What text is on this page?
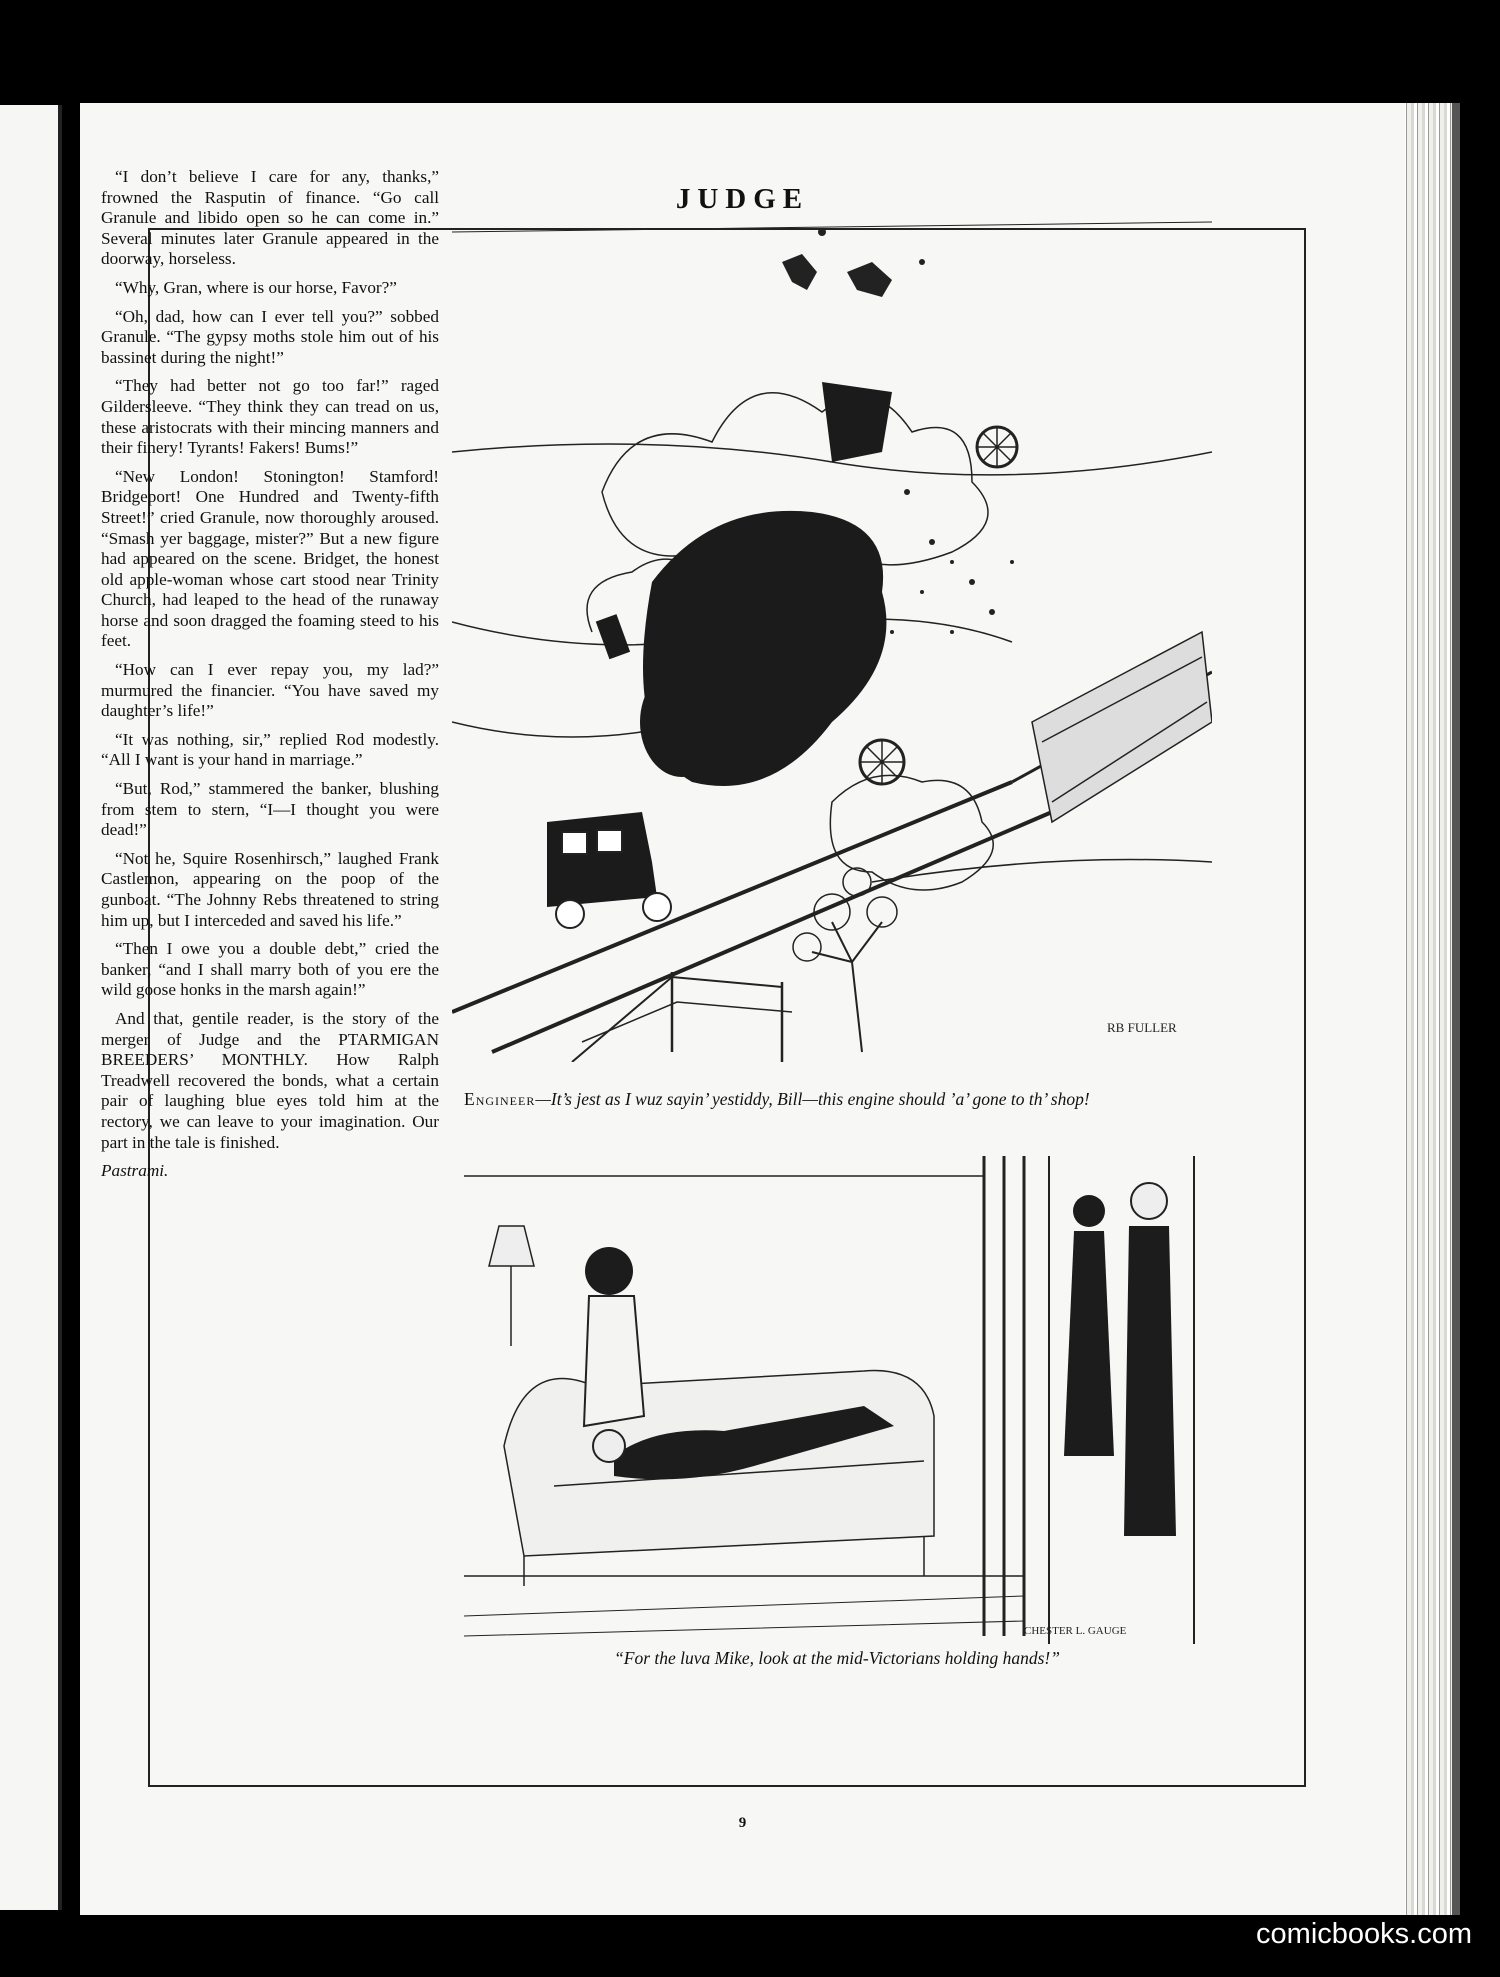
JUDGE
9

“I don’t believe I care for any, thanks,” frowned the Rasputin of finance. “Go call Granule and libido open so he can come in.” Several minutes later Granule appeared in the doorway, horseless.

“Why, Gran, where is our horse, Favor?”

“Oh, dad, how can I ever tell you?” sobbed Granule. “The gypsy moths stole him out of his bassinet during the night!”

“They had better not go too far!” raged Gildersleeve. “They think they can tread on us, these aristocrats with their mincing manners and their finery! Tyrants! Fakers! Bums!”

“New London! Stonington! Stamford! Bridgeport! One Hundred and Twenty-fifth Street!” cried Granule, now thoroughly aroused. “Smash yer baggage, mister?” But a new figure had appeared on the scene. Bridget, the honest old apple-woman whose cart stood near Trinity Church, had leaped to the head of the runaway horse and soon dragged the foaming steed to his feet.

“How can I ever repay you, my lad?” murmured the financier. “You have saved my daughter’s life!”

“It was nothing, sir,” replied Rod modestly. “All I want is your hand in marriage.”

“But, Rod,” stammered the banker, blushing from stem to stern, “I—I thought you were dead!”

“Not he, Squire Rosenhirsch,” laughed Frank Castlemon, appearing on the poop of the gunboat. “The Johnny Rebs threatened to string him up, but I interceded and saved his life.”

“Then I owe you a double debt,” cried the banker, “and I shall marry both of you ere the wild goose honks in the marsh again!”

And that, gentile reader, is the story of the merger of Judge and the PTARMIGAN BREEDERS’ MONTHLY. How Ralph Treadwell recovered the bonds, what a certain pair of laughing blue eyes told him at the rectory, we can leave to your imagination. Our part in the tale is finished.

Pastrami.

RB FULLER
Engineer—It’s jest as I wuz sayin’ yestiddy, Bill—this engine should ’a’ gone to th’ shop!
CHESTER L. GAUGE
“For the luva Mike, look at the mid-Victorians holding hands!”
comicbooks.com
